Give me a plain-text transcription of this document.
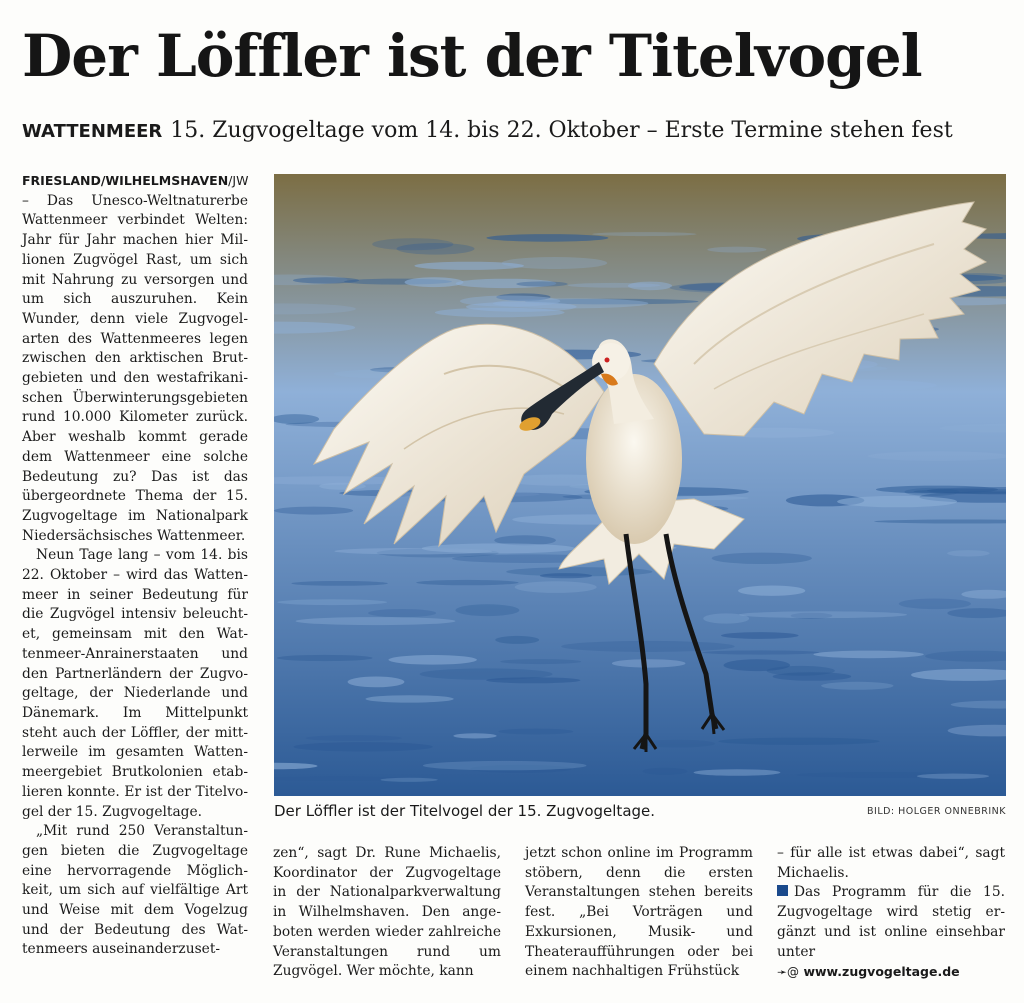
Der Löffler ist der Titelvogel
WATTENMEER 15. Zugvogeltage vom 14. bis 22. Oktober – Erste Termine stehen fest

FRIESLAND/WILHELMSHAVEN/JW – Das Unesco-Weltnaturerbe Wattenmeer verbindet Welten: Jahr für Jahr machen hier Millionen Zugvögel Rast, um sich mit Nahrung zu versorgen und um sich auszuruhen. Kein Wunder, denn viele Zugvogelarten des Wattenmeeres legen zwischen den arktischen Brutgebieten und den westafrikanischen Überwinterungsgebieten rund 10.000 Kilometer zurück. Aber weshalb kommt gerade dem Wattenmeer eine solche Bedeutung zu? Das ist das übergeordnete Thema der 15. Zugvogeltage im Nationalpark Niedersächsisches Wattenmeer.

Neun Tage lang – vom 14. bis 22. Oktober – wird das Wattenmeer in seiner Bedeutung für die Zugvögel intensiv beleuchtet, gemeinsam mit den Wattenmeer-Anrainerstaaten und den Partnerländern der Zugvogeltage, der Niederlande und Dänemark. Im Mittelpunkt steht auch der Löffler, der mittlerweile im gesamten Wattenmeergebiet Brutkolonien etablieren konnte. Er ist der Titelvogel der 15. Zugvogeltage.

„Mit rund 250 Veranstaltungen bieten die Zugvogeltage eine hervorragende Möglichkeit, um sich auf vielfältige Art und Weise mit dem Vogelzug und der Bedeutung des Wattenmeers auseinanderzuset-

Der Löffler ist der Titelvogel der 15. Zugvogeltage.	BILD: HOLGER ONNEBRINK

zen“, sagt Dr. Rune Michaelis, Koordinator der Zugvogeltage in der Nationalparkverwaltung in Wilhelmshaven. Den angeboten werden wieder zahlreiche Veranstaltungen rund um Zugvögel. Wer möchte, kann

jetzt schon online im Programm stöbern, denn die ersten Veranstaltungen stehen bereits fest. „Bei Vorträgen und Exkursionen, Musik- und Theateraufführungen oder bei einem nachhaltigen Frühstück

– für alle ist etwas dabei“, sagt Michaelis.

Das Programm für die 15. Zugvogeltage wird stetig ergänzt und ist online einsehbar unter

➛@ www.zugvogeltage.de
